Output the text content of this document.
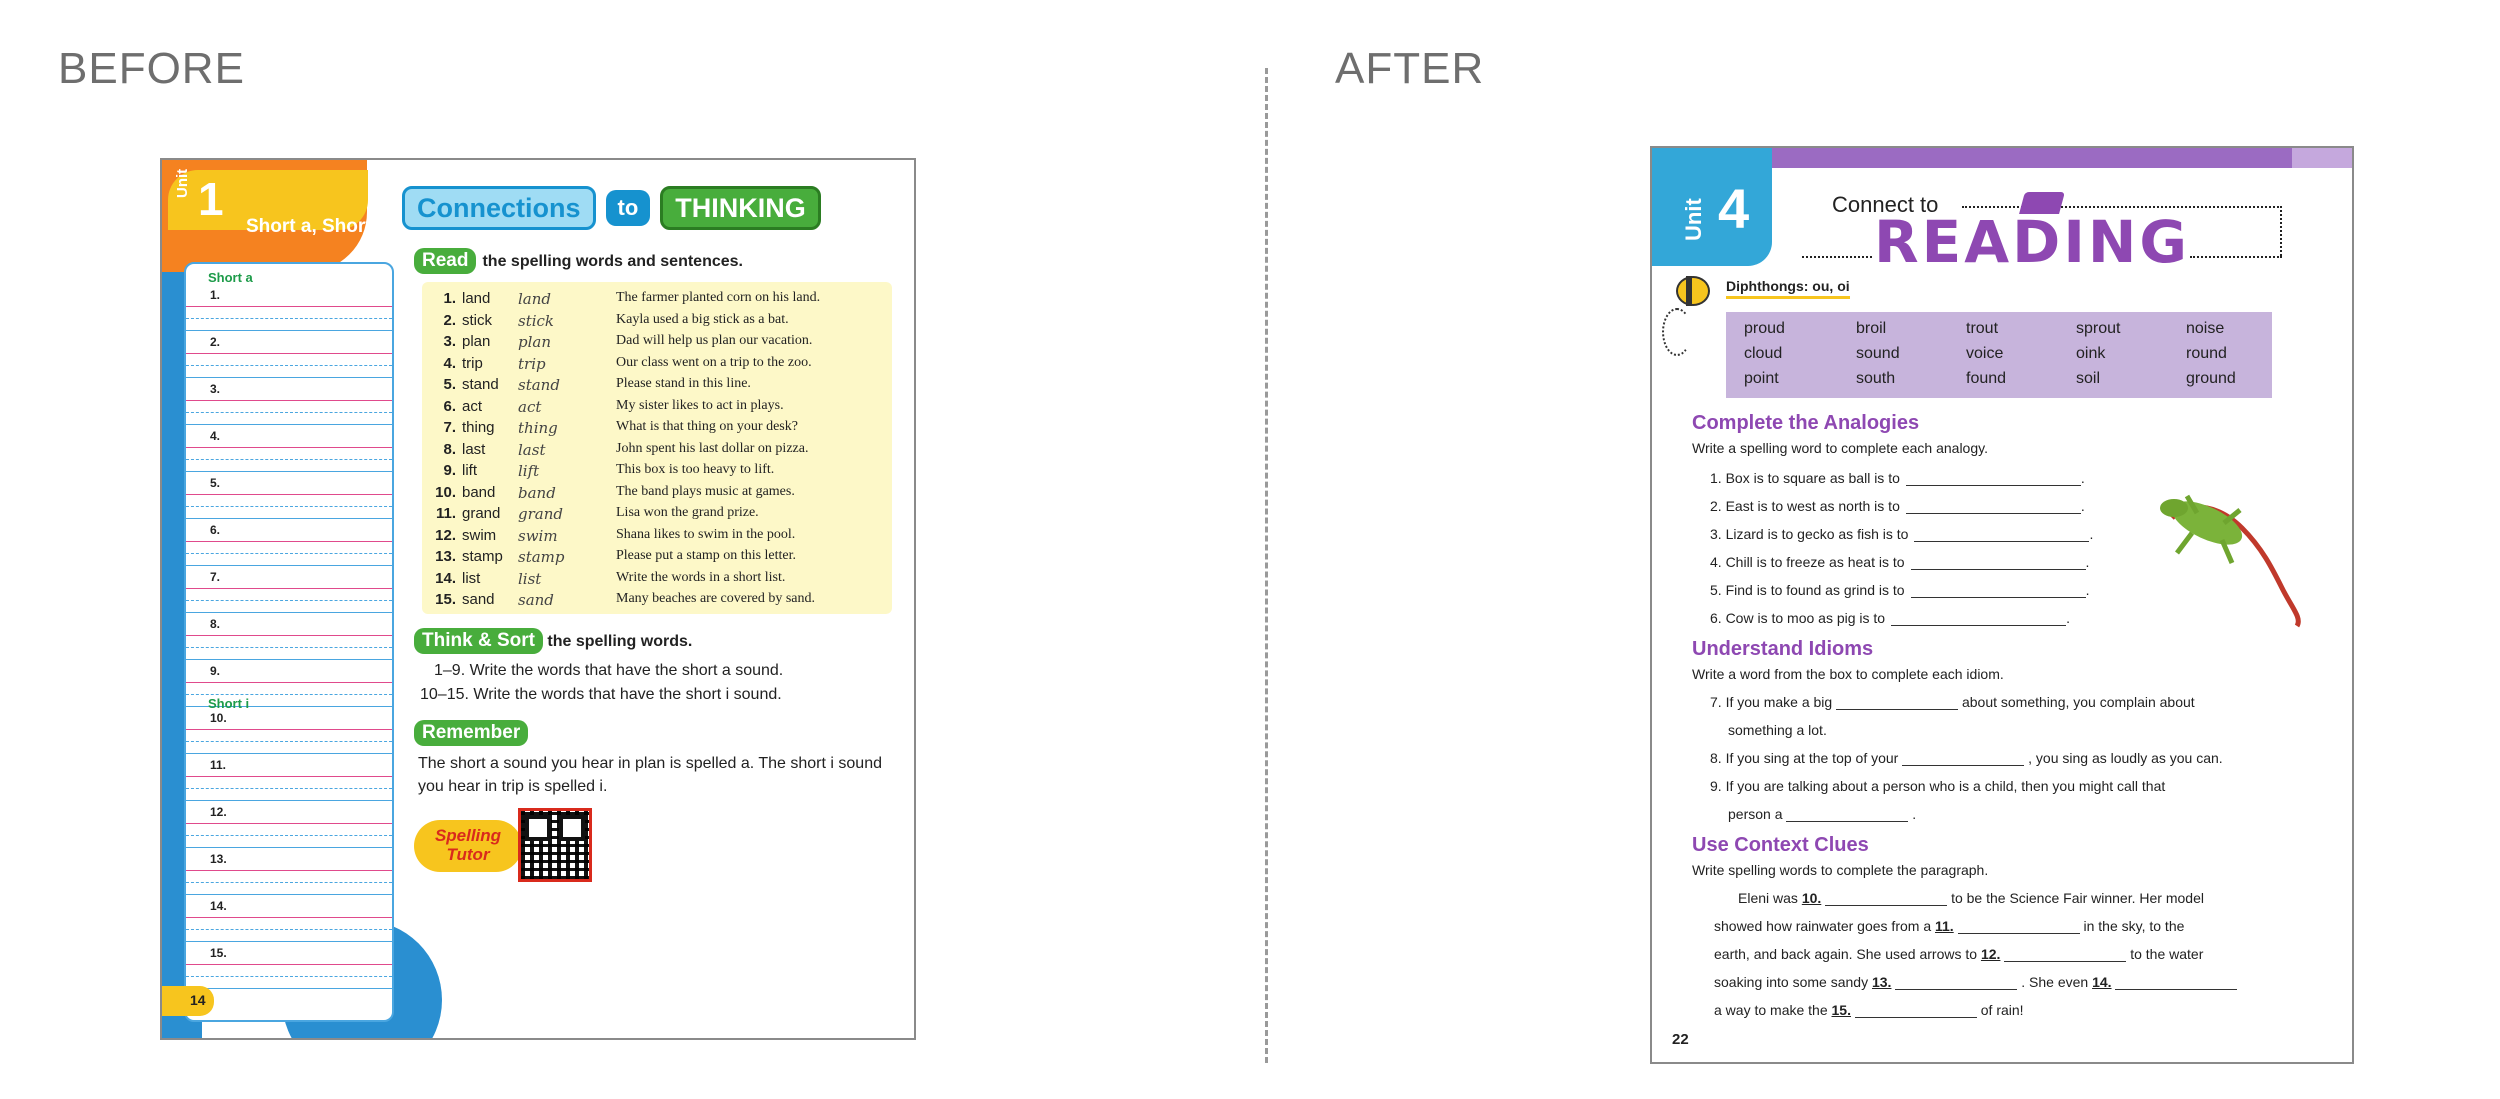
BEFORE	AFTER
Unit 1
Short a, Short i
Short a
1.
2.
3.
4.
5.
6.
7.
8.
9.
Short i
10.
11.
12.
13.
14.
15.
14
Connections	to	THINKING
Read the spelling words and sentences.
1. land land	The farmer planted corn on his land.
2. stick stick	Kayla used a big stick as a bat.
3. plan plan	Dad will help us plan our vacation.
4. trip trip	Our class went on a trip to the zoo.
5. stand stand	Please stand in this line.
6. act act	My sister likes to act in plays.
7. thing thing	What is that thing on your desk?
8. last last	John spent his last dollar on pizza.
9. lift	lift	This box is too heavy to lift.
10. band band	The band plays music at games.
11. grand grand	Lisa won the grand prize.
12. swim swim	Shana likes to swim in the pool.
13. stamp stamp	Please put a stamp on this letter.
14. list	list	Write the words in a short list.
15. sand sand	Many beaches are covered by sand.
Think & Sort the spelling words.
1–9. Write the words that have the short a sound.
10–15. Write the words that have the short i sound.
Remember
The short a sound you hear in plan is spelled a. The short i sound you hear in trip is spelled i.
Spelling Tutor
Unit 4	Connect to
READING
Diphthongs: ou, oi
proud	broil	trout	sprout	noise
cloud	sound	voice	oink	round
point	south	found	soil	ground
Complete the Analogies
Write a spelling word to complete each analogy.
Understand Idioms
Write a word from the box to complete each idiom.
7. If you make a big	about something, you complain about
something a lot.
8. If you sing at the top of your	, you sing as loudly as you can.
9. If you are talking about a person who is a child, then you might call that
person a	.
Use Context Clues
Write spelling words to complete the paragraph.
Eleni was 10.	to be the Science Fair winner. Her model
showed how rainwater goes from a 11.	in the sky, to the
earth, and back again. She used arrows to 12.	to the water
soaking into some sandy 13.	. She even 14.
a way to make the 15.	of rain!
22
1. Box is to square as ball is to	.
2. East is to west as north is to	.
3. Lizard is to gecko as fish is to	.
4. Chill is to freeze as heat is to	.
5. Find is to found as grind is to	.
6. Cow is to moo as pig is to	.
